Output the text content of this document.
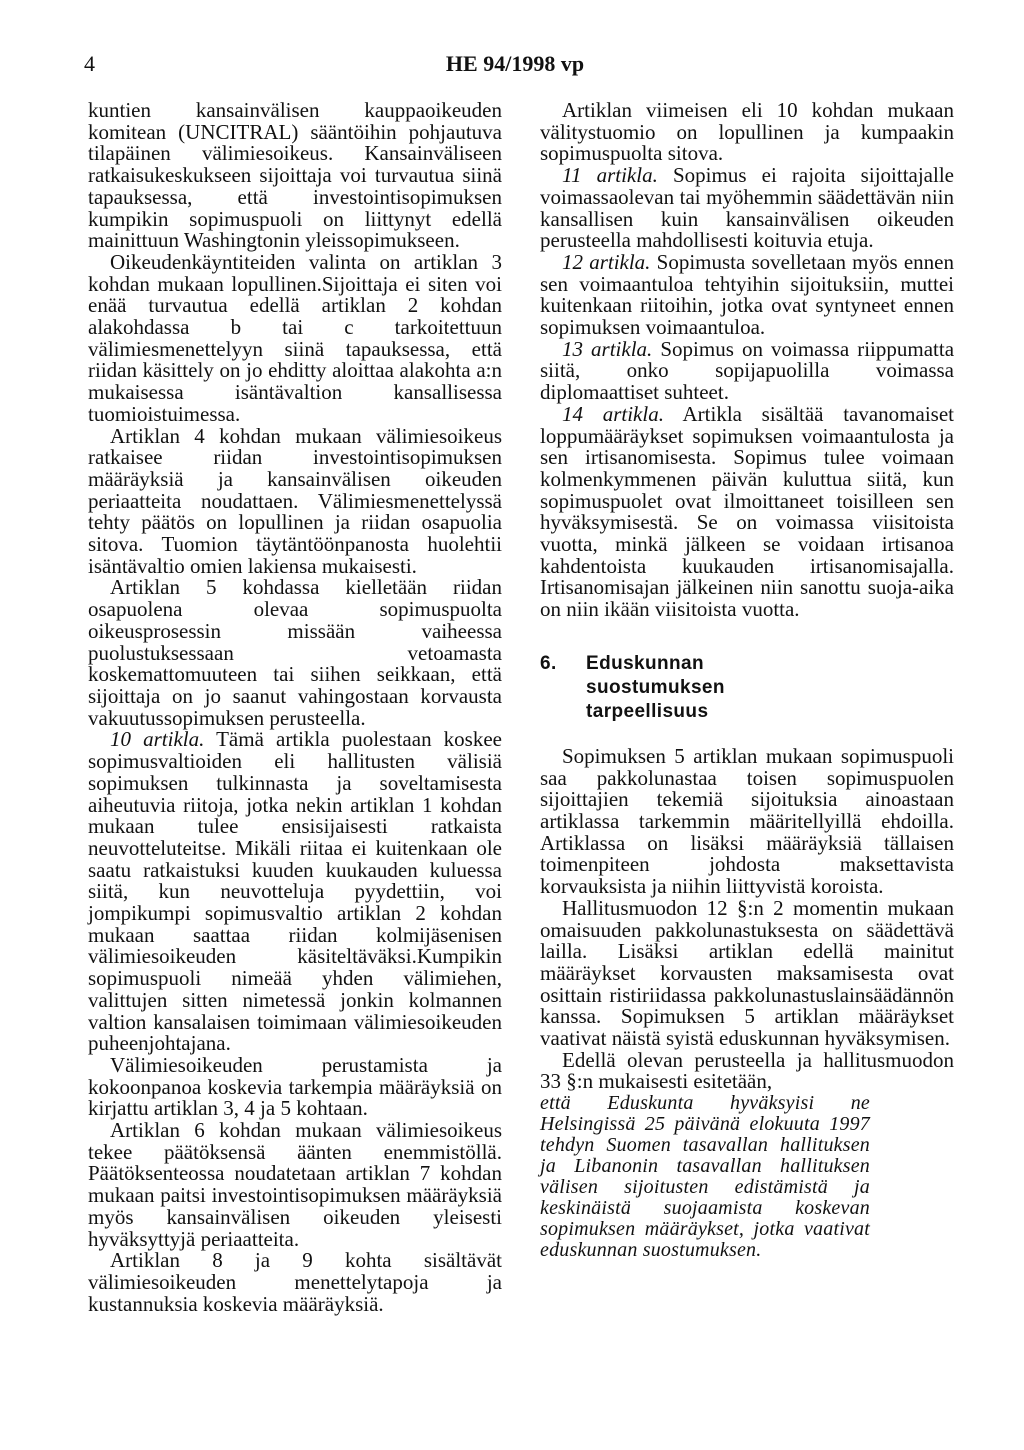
4	HE 94/1998 vp

kuntien kansainvälisen kauppaoikeuden komitean (UNCITRAL) sääntöihin pohjautuva tilapäinen välimiesoikeus. Kansainväliseen ratkaisukeskukseen sijoittaja voi turvautua siinä tapauksessa, että investointisopimuksen kumpikin sopimuspuoli on liittynyt edellä mainittuun Washingtonin yleissopimukseen.

Oikeudenkäyntiteiden valinta on artiklan 3 kohdan mukaan lopullinen.Sijoittaja ei siten voi enää turvautua edellä artiklan 2 kohdan alakohdassa b tai c tarkoitettuun välimiesmenettelyyn siinä tapauksessa, että riidan käsittely on jo ehditty aloittaa alakohta a:n mukaisessa isäntävaltion kansallisessa tuomioistuimessa.

Artiklan 4 kohdan mukaan välimiesoikeus ratkaisee riidan investointisopimuksen määräyksiä ja kansainvälisen oikeuden periaatteita noudattaen. Välimiesmenettelyssä tehty päätös on lopullinen ja riidan osapuolia sitova. Tuomion täytäntöönpanosta huolehtii isäntävaltio omien lakiensa mukaisesti.

Artiklan 5 kohdassa kielletään riidan osapuolena olevaa sopimuspuolta oikeusprosessin missään vaiheessa puolustuksessaan vetoamasta koskemattomuuteen tai siihen seikkaan, että sijoittaja on jo saanut vahingostaan korvausta vakuutussopimuksen perusteella.

10 artikla. Tämä artikla puolestaan koskee sopimusvaltioiden eli hallitusten välisiä sopimuksen tulkinnasta ja soveltamisesta aiheutuvia riitoja, jotka nekin artiklan 1 kohdan mukaan tulee ensisijaisesti ratkaista neuvotteluteitse. Mikäli riitaa ei kuitenkaan ole saatu ratkaistuksi kuuden kuukauden kuluessa siitä, kun neuvotteluja pyydettiin, voi jompikumpi sopimusvaltio artiklan 2 kohdan mukaan saattaa riidan kolmijäsenisen välimiesoikeuden käsiteltäväksi.Kumpikin sopimuspuoli nimeää yhden välimiehen, valittujen sitten nimetessä jonkin kolmannen valtion kansalaisen toimimaan välimiesoikeuden puheenjohtajana.

Välimiesoikeuden perustamista ja kokoonpanoa koskevia tarkempia määräyksiä on kirjattu artiklan 3, 4 ja 5 kohtaan.

Artiklan 6 kohdan mukaan välimiesoikeus tekee päätöksensä äänten enemmistöllä. Päätöksenteossa noudatetaan artiklan 7 kohdan mukaan paitsi investointisopimuksen määräyksiä myös kansainvälisen oikeuden yleisesti hyväksyttyjä periaatteita.

Artiklan 8 ja 9 kohta sisältävät välimiesoikeuden menettelytapoja ja kustannuksia koskevia määräyksiä.

Artiklan viimeisen eli 10 kohdan mukaan välitystuomio on lopullinen ja kumpaakin sopimuspuolta sitova.

11 artikla. Sopimus ei rajoita sijoittajalle voimassaolevan tai myöhemmin säädettävän niin kansallisen kuin kansainvälisen oikeuden perusteella mahdollisesti koituvia etuja.

12 artikla. Sopimusta sovelletaan myös ennen sen voimaantuloa tehtyihin sijoituksiin, muttei kuitenkaan riitoihin, jotka ovat syntyneet ennen sopimuksen voimaantuloa.

13 artikla. Sopimus on voimassa riippumatta siitä, onko sopijapuolilla voimassa diplomaattiset suhteet.

14 artikla. Artikla sisältää tavanomaiset loppumääräykset sopimuksen voimaantulosta ja sen irtisanomisesta. Sopimus tulee voimaan kolmenkymmenen päivän kuluttua siitä, kun sopimuspuolet ovat ilmoittaneet toisilleen sen hyväksymisestä. Se on voimassa viisitoista vuotta, minkä jälkeen se voidaan irtisanoa kahdentoista kuukauden irtisanomisajalla. Irtisanomisajan jälkeinen niin sanottu suoja-aika on niin ikään viisitoista vuotta.

6.	Eduskunnan suostumuksen tarpeellisuus

Sopimuksen 5 artiklan mukaan sopimuspuoli saa pakkolunastaa toisen sopimuspuolen sijoittajien tekemiä sijoituksia ainoastaan artiklassa tarkemmin määritellyillä ehdoilla. Artiklassa on lisäksi määräyksiä tällaisen toimenpiteen johdosta maksettavista korvauksista ja niihin liittyvistä koroista.

Hallitusmuodon 12 §:n 2 momentin mukaan omaisuuden pakkolunastuksesta on säädettävä lailla. Lisäksi artiklan edellä mainitut määräykset korvausten maksamisesta ovat osittain ristiriidassa pakkolunastuslainsäädännön kanssa. Sopimuksen 5 artiklan määräykset vaativat näistä syistä eduskunnan hyväksymisen.

Edellä olevan perusteella ja hallitusmuodon 33 §:n mukaisesti esitetään,

että Eduskunta hyväksyisi ne Helsingissä 25 päivänä elokuuta 1997 tehdyn Suomen tasavallan hallituksen ja Libanonin tasavallan hallituksen välisen sijoitusten edistämistä ja keskinäistä suojaamista koskevan sopimuksen määräykset, jotka vaativat eduskunnan suostumuksen.
